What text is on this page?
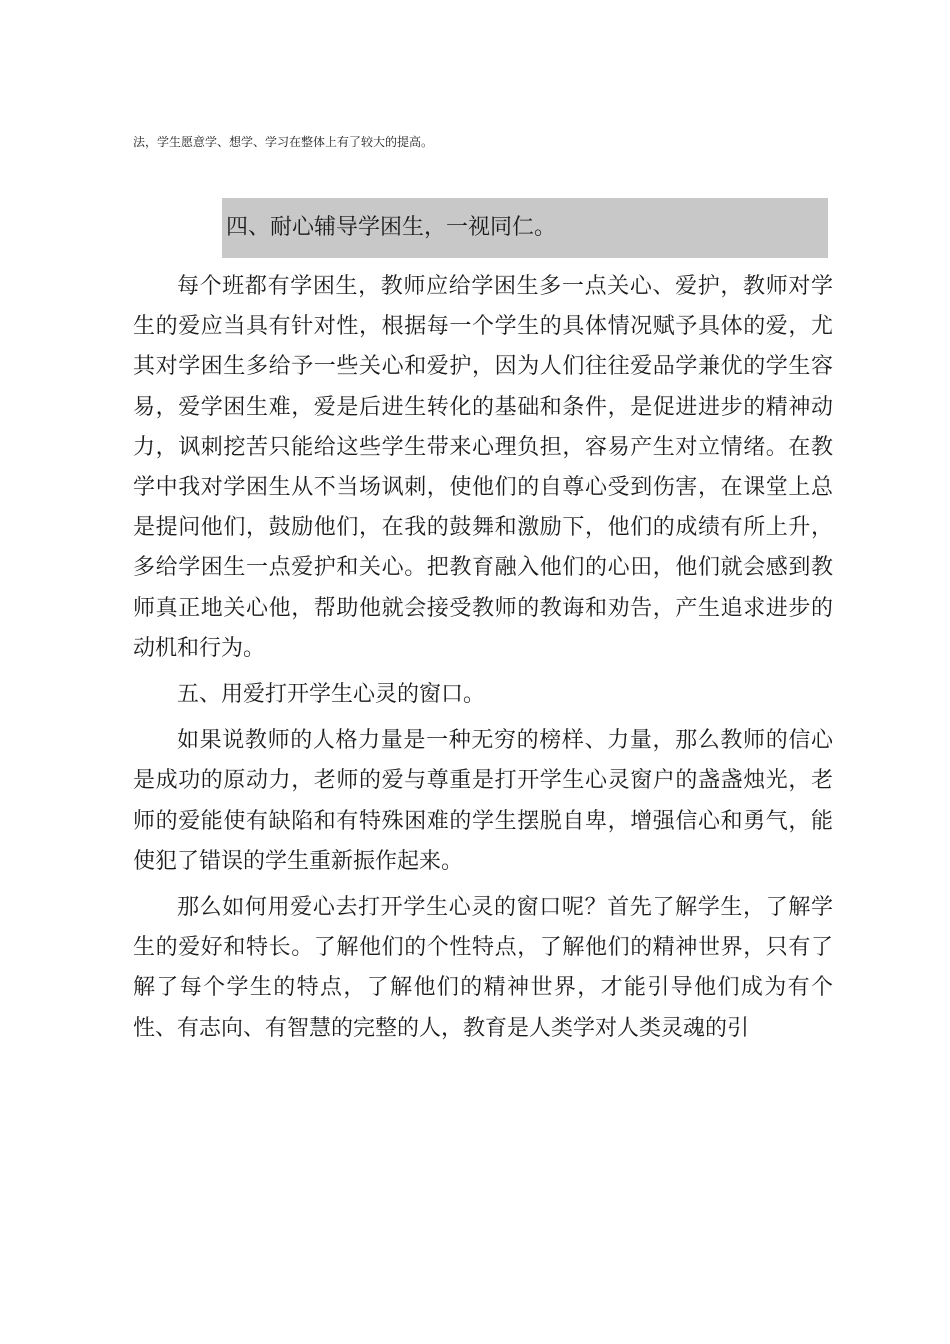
法，学生愿意学、想学、学习在整体上有了较大的提高。
四、耐心辅导学困生，一视同仁。

每个班都有学困生，教师应给学困生多一点关心、爱护，教师对学生的爱应当具有针对性，根据每一个学生的具体情况赋予具体的爱，尤其对学困生多给予一些关心和爱护，因为人们往往爱品学兼优的学生容易，爱学困生难，爱是后进生转化的基础和条件，是促进进步的精神动力，讽刺挖苦只能给这些学生带来心理负担，容易产生对立情绪。在教学中我对学困生从不当场讽刺，使他们的自尊心受到伤害，在课堂上总是提问他们，鼓励他们，在我的鼓舞和激励下，他们的成绩有所上升，多给学困生一点爱护和关心。把教育融入他们的心田，他们就会感到教师真正地关心他，帮助他就会接受教师的教诲和劝告，产生追求进步的动机和行为。

五、用爱打开学生心灵的窗口。

如果说教师的人格力量是一种无穷的榜样、力量，那么教师的信心是成功的原动力，老师的爱与尊重是打开学生心灵窗户的盏盏烛光，老师的爱能使有缺陷和有特殊困难的学生摆脱自卑，增强信心和勇气，能使犯了错误的学生重新振作起来。

那么如何用爱心去打开学生心灵的窗口呢？首先了解学生，了解学生的爱好和特长。了解他们的个性特点，了解他们的精神世界，只有了解了每个学生的特点，了解他们的精神世界，才能引导他们成为有个性、有志向、有智慧的完整的人，教育是人类学对人类灵魂的引
